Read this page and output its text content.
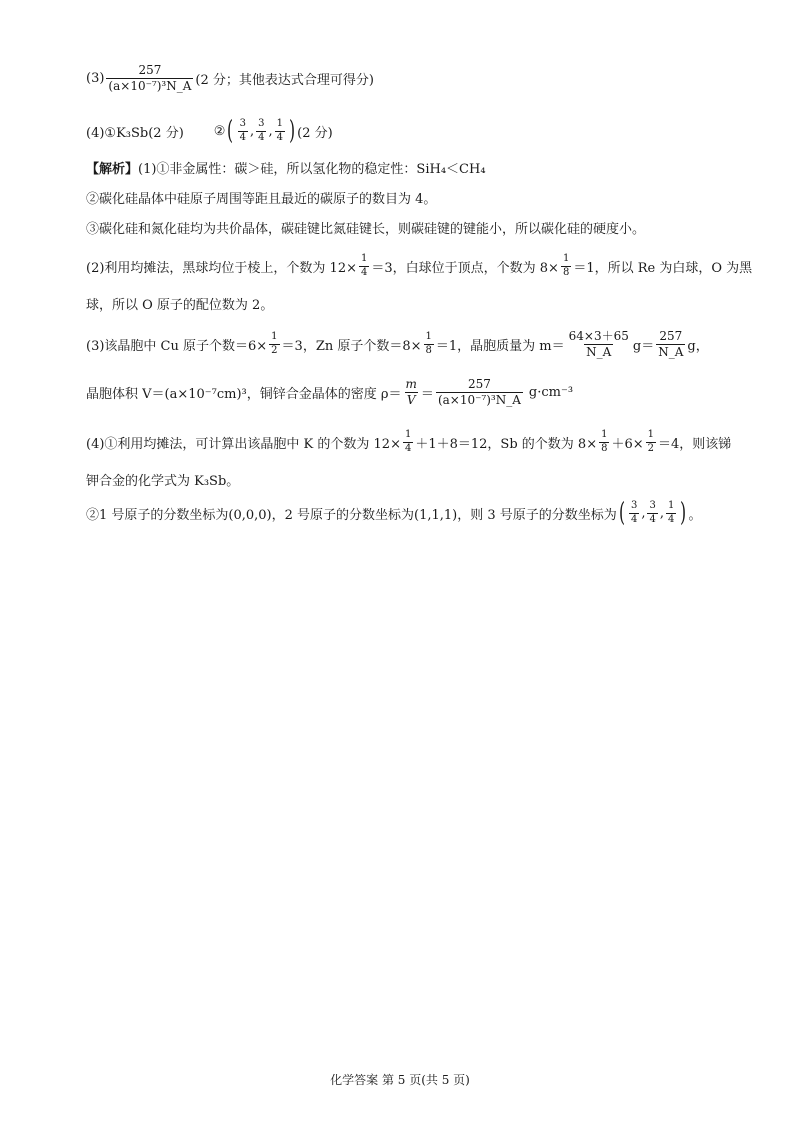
$(3) \frac{257}{\text{(a×10⁻⁷)³N\_A}} (2$ 分；其他表达式合理可得分)
(4)①K₃Sb(2 分) ② ( $\frac{3}{4}$ , $\frac{3}{4}$ , $\frac{1}{4}$ ) (2 分)
【解析】 (1)①非金属性：碳＞硅，所以氢化物的稳定性：SiH₄＜CH₄
②碳化硅晶体中硅原子周围等距且最近的碳原子的数目为 4。
③碳化硅和氮化硅均为共价晶体，碳硅键比氮硅键长，则碳硅键的键能小，所以碳化硅的硬度小。
(2)利用均摊法，黑球均位于棱上，个数为 $12\times \frac{1}{4} =3$，白球位于顶点，个数为 $8\times \frac{1}{8} =1$，所以 Re 为白球，O 为黑
球，所以 O 原子的配位数为 2。
(3)该晶胞中 Cu 原子个数$=6\times \frac{1}{2} =3$，Zn 原子个数$=8\times \frac{1}{8} =1$，晶胞质量为 $m= \frac{64\times 3+65}{N\_A} g= \frac{257}{N\_A}$ g，
晶胞体积 V＝(a×10⁻⁷cm)³，铜锌合金晶体的密度 $\rho= \frac{m}{V} = \frac{257}{\text{(a×10⁻⁷)³N\_A}} g\cdot cm^{-3}$
(4)①利用均摊法，可计算出该晶胞中 K 的个数为 $12\times \frac{1}{4} +1+8=12$，Sb 的个数为 $8\times \frac{1}{8} +6\times \frac{1}{2} =4$，则该锑
钾合金的化学式为 K₃Sb。
②1 号原子的分数坐标为(0,0,0)，2 号原子的分数坐标为(1,1,1)，则 3 号原子的分数坐标为 ( $\frac{3}{4}$ , $\frac{3}{4}$ , $\frac{1}{4}$ ) 。
化学答案 第 5 页(共 5 页)
